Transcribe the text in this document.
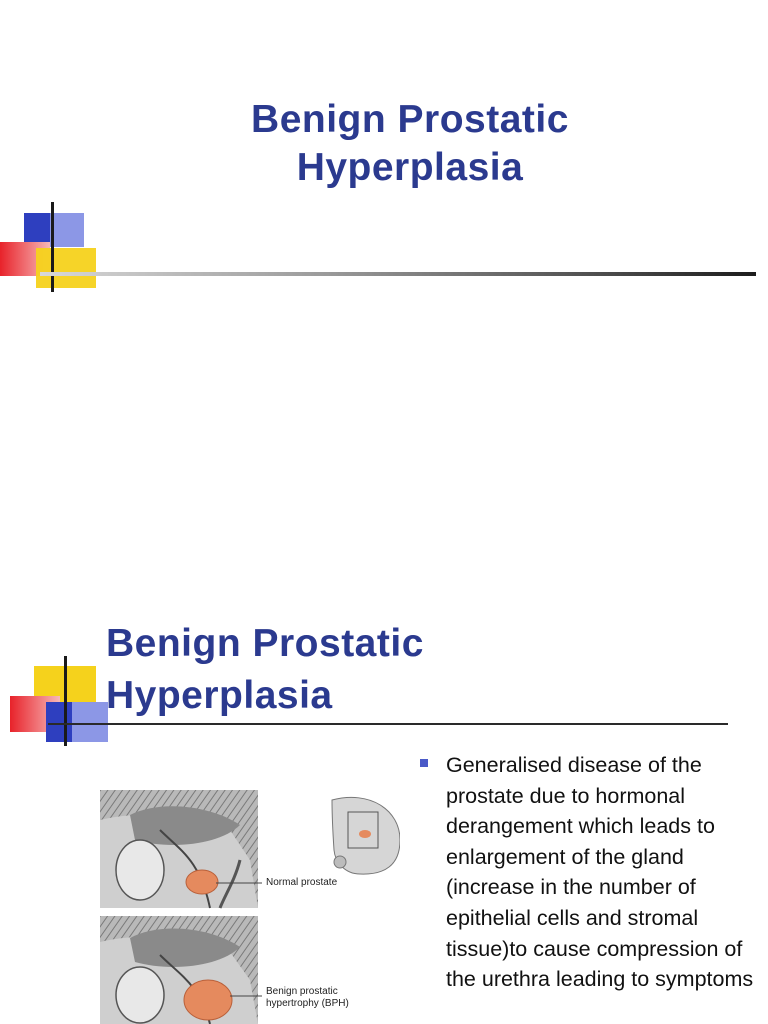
Benign Prostatic
Hyperplasia
Benign Prostatic
Hyperplasia
Normal prostate
Benign prostatic
hypertrophy (BPH)
Generalised disease of the prostate due to hormonal derangement which leads to enlargement of the gland (increase in the number of epithelial cells and stromal tissue)to cause compression of the urethra leading to symptoms
